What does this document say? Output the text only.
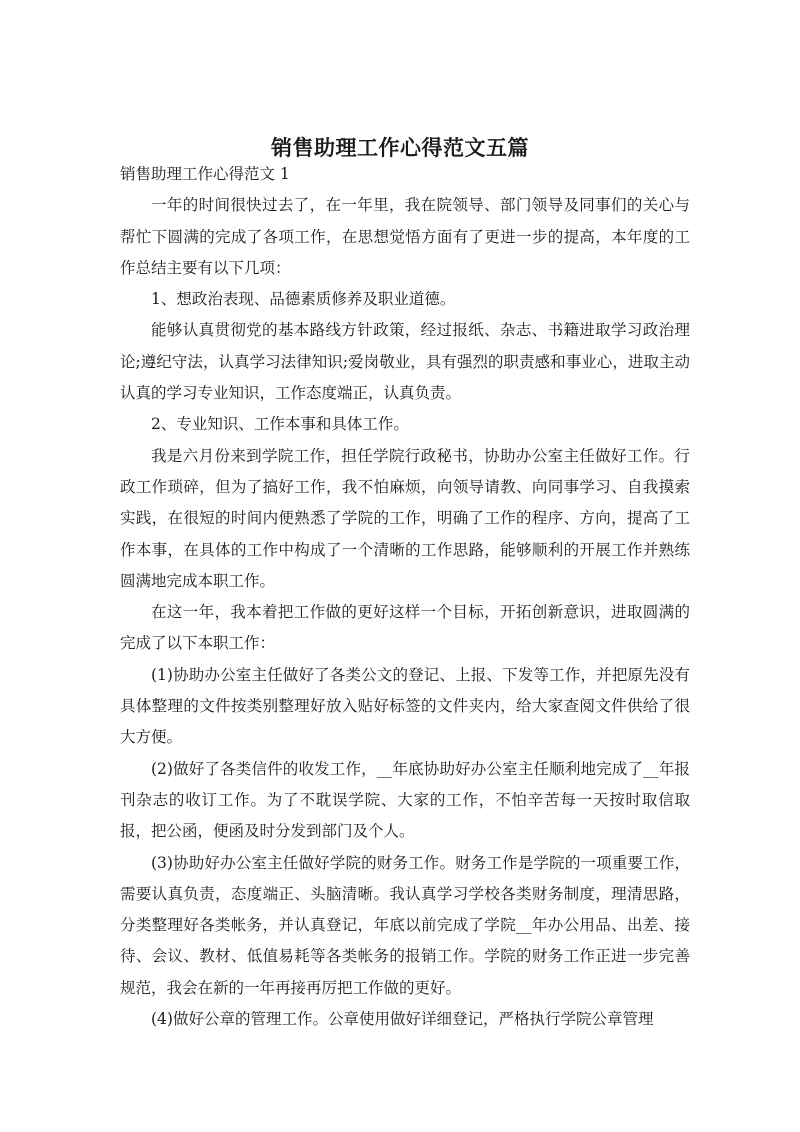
销售助理工作心得范文五篇

销售助理工作心得范文 1

一年的时间很快过去了，在一年里，我在院领导、部门领导及同事们的关心与帮忙下圆满的完成了各项工作，在思想觉悟方面有了更进一步的提高，本年度的工作总结主要有以下几项：

1、想政治表现、品德素质修养及职业道德。

能够认真贯彻党的基本路线方针政策，经过报纸、杂志、书籍进取学习政治理论;遵纪守法，认真学习法律知识;爱岗敬业，具有强烈的职责感和事业心，进取主动认真的学习专业知识，工作态度端正，认真负责。

2、专业知识、工作本事和具体工作。

我是六月份来到学院工作，担任学院行政秘书，协助办公室主任做好工作。行政工作琐碎，但为了搞好工作，我不怕麻烦，向领导请教、向同事学习、自我摸索实践，在很短的时间内便熟悉了学院的工作，明确了工作的程序、方向，提高了工作本事，在具体的工作中构成了一个清晰的工作思路，能够顺利的开展工作并熟练圆满地完成本职工作。

在这一年，我本着把工作做的更好这样一个目标，开拓创新意识，进取圆满的完成了以下本职工作：

(1)协助办公室主任做好了各类公文的登记、上报、下发等工作，并把原先没有具体整理的文件按类别整理好放入贴好标签的文件夹内，给大家查阅文件供给了很大方便。

(2)做好了各类信件的收发工作，__年底协助好办公室主任顺利地完成了__年报刊杂志的收订工作。为了不耽误学院、大家的工作，不怕辛苦每一天按时取信取报，把公函，便函及时分发到部门及个人。

(3)协助好办公室主任做好学院的财务工作。财务工作是学院的一项重要工作，需要认真负责，态度端正、头脑清晰。我认真学习学校各类财务制度，理清思路，分类整理好各类帐务，并认真登记，年底以前完成了学院__年办公用品、出差、接待、会议、教材、低值易耗等各类帐务的报销工作。学院的财务工作正进一步完善规范，我会在新的一年再接再厉把工作做的更好。

(4)做好公章的管理工作。公章使用做好详细登记，严格执行学院公章管理
